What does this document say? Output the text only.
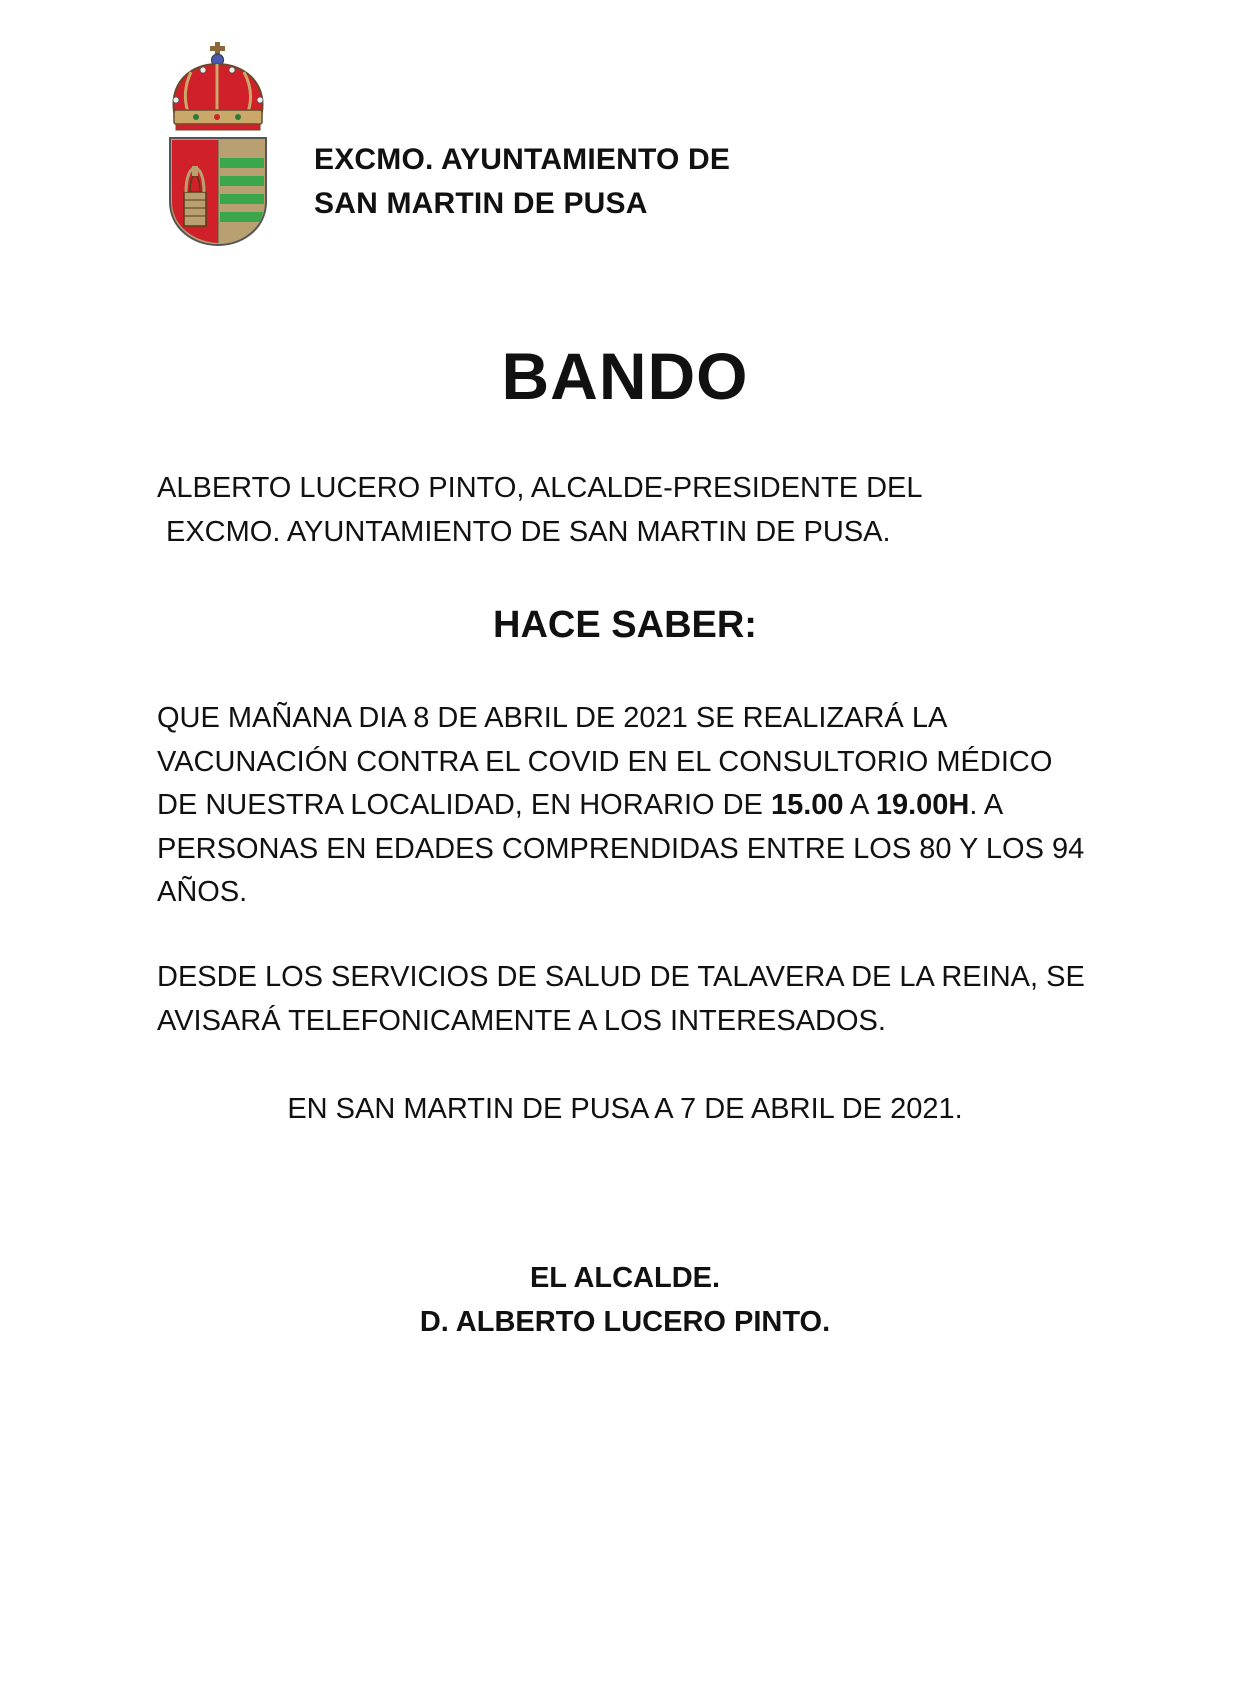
EXCMO. AYUNTAMIENTO DE
SAN MARTIN DE PUSA
BANDO
ALBERTO LUCERO PINTO, ALCALDE-PRESIDENTE DEL
EXCMO. AYUNTAMIENTO DE SAN MARTIN DE PUSA.
HACE SABER:
QUE MAÑANA DIA 8 DE ABRIL DE 2021 SE REALIZARÁ LA
VACUNACIÓN CONTRA EL COVID EN EL CONSULTORIO MÉDICO
DE NUESTRA LOCALIDAD, EN HORARIO DE 15.00 A 19.00H. A
PERSONAS EN EDADES COMPRENDIDAS ENTRE LOS 80 Y LOS 94
AÑOS.
DESDE LOS SERVICIOS DE SALUD DE TALAVERA DE LA REINA, SE
AVISARÁ TELEFONICAMENTE A LOS INTERESADOS.
EN SAN MARTIN DE PUSA A 7 DE ABRIL DE 2021.
EL ALCALDE.
D. ALBERTO LUCERO PINTO.
